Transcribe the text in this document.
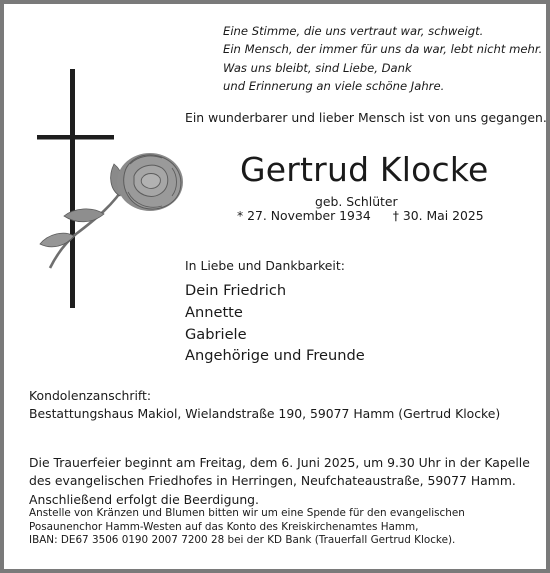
Eine Stimme, die uns vertraut war, schweigt.
Ein Mensch, der immer für uns da war, lebt nicht mehr.
Was uns bleibt, sind Liebe, Dank
und Erinnerung an viele schöne Jahre.
Ein wunderbarer und lieber Mensch ist von uns gegangen.
Gertrud Klocke
geb. Schlüter
* 27. November 1934 † 30. Mai 2025
In Liebe und Dankbarkeit:
Dein Friedrich
Annette
Gabriele
Angehörige und Freunde
Kondolenzanschrift:
Bestattungshaus Makiol, Wielandstraße 190, 59077 Hamm (Gertrud Klocke)
Die Trauerfeier beginnt am Freitag, dem 6. Juni 2025, um 9.30 Uhr in der Kapelle
des evangelischen Friedhofes in Herringen, Neufchateaustraße, 59077 Hamm.
Anschließend erfolgt die Beerdigung.
Anstelle von Kränzen und Blumen bitten wir um eine Spende für den evangelischen
Posaunenchor Hamm-Westen auf das Konto des Kreiskirchenamtes Hamm,
IBAN: DE67 3506 0190 2007 7200 28 bei der KD Bank (Trauerfall Gertrud Klocke).
